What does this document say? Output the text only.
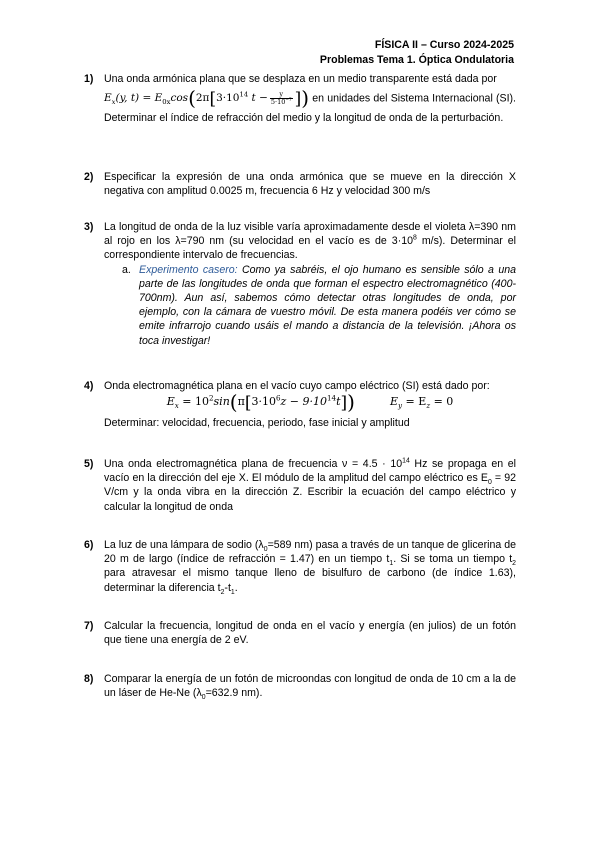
FÍSICA II – Curso 2024-2025
Problemas Tema 1. Óptica Ondulatoria
1) Una onda armónica plana que se desplaza en un medio transparente está dada por
$E_x(y$, $t) = E_{0x}\cos(2\pi[3\cdot 10^{14}$ $t - \frac{y}{5\cdot 10^{-7}}$ ]) en unidades del Sistema Internacional (SI). Determinar el índice de refracción del medio y la longitud de onda de la perturbación.
2) Especificar la expresión de una onda armónica que se mueve en la dirección X negativa con amplitud 0.0025 m, frecuencia 6 Hz y velocidad 300 m/s

3) La longitud de onda de la luz visible varía aproximadamente desde el violeta λ=390 nm al rojo en los λ=790 nm (su velocidad en el vacío es de $3\cdot 10^8$ m/s). Determinar el correspondiente intervalo de frecuencias.

a. Experimento casero: Como ya sabréis, el ojo humano es sensible sólo a una parte de las longitudes de onda que forman el espectro electromagnético (400-700nm). Aun así, sabemos cómo detectar otras longitudes de onda, por ejemplo, con la cámara de vuestro móvil. De esta manera podéis ver cómo se emite infrarrojo cuando usáis el mando a distancia de la televisión. ¡Ahora os toca investigar!
4) Onda electromagnética plana en el vacío cuyo campo eléctrico (SI) está dado por:

$E_x = 10^2\sin(\pi[3\cdot 10^6z - 9\cdot 10^{14}t])$	$E_y = E_z = 0$

Determinar: velocidad, frecuencia, periodo, fase inicial y amplitud

5) Una onda electromagnética plana de frecuencia $\nu = 4.5 \cdot 10^{14}$ Hz se propaga en el vacío en la dirección del eje X. El módulo de la amplitud del campo eléctrico es $E_0 = 92$ V/cm y la onda vibra en la dirección Z. Escribir la ecuación del campo eléctrico y calcular la longitud de onda

6) La luz de una lámpara de sodio ($\lambda_0=589$ nm) pasa a través de un tanque de glicerina de 20 m de largo (índice de refracción = 1.47) en un tiempo $t_1$. Si se toma un tiempo $t_2$ para atravesar el mismo tanque lleno de bisulfuro de carbono (de índice 1.63), determinar la diferencia $t_2-t_1$.

7) Calcular la frecuencia, longitud de onda en el vacío y energía (en julios) de un fotón que tiene una energía de 2 eV.

8) Comparar la energía de un fotón de microondas con longitud de onda de 10 cm a la de un láser de He-Ne ($\lambda_0=632.9$ nm).
